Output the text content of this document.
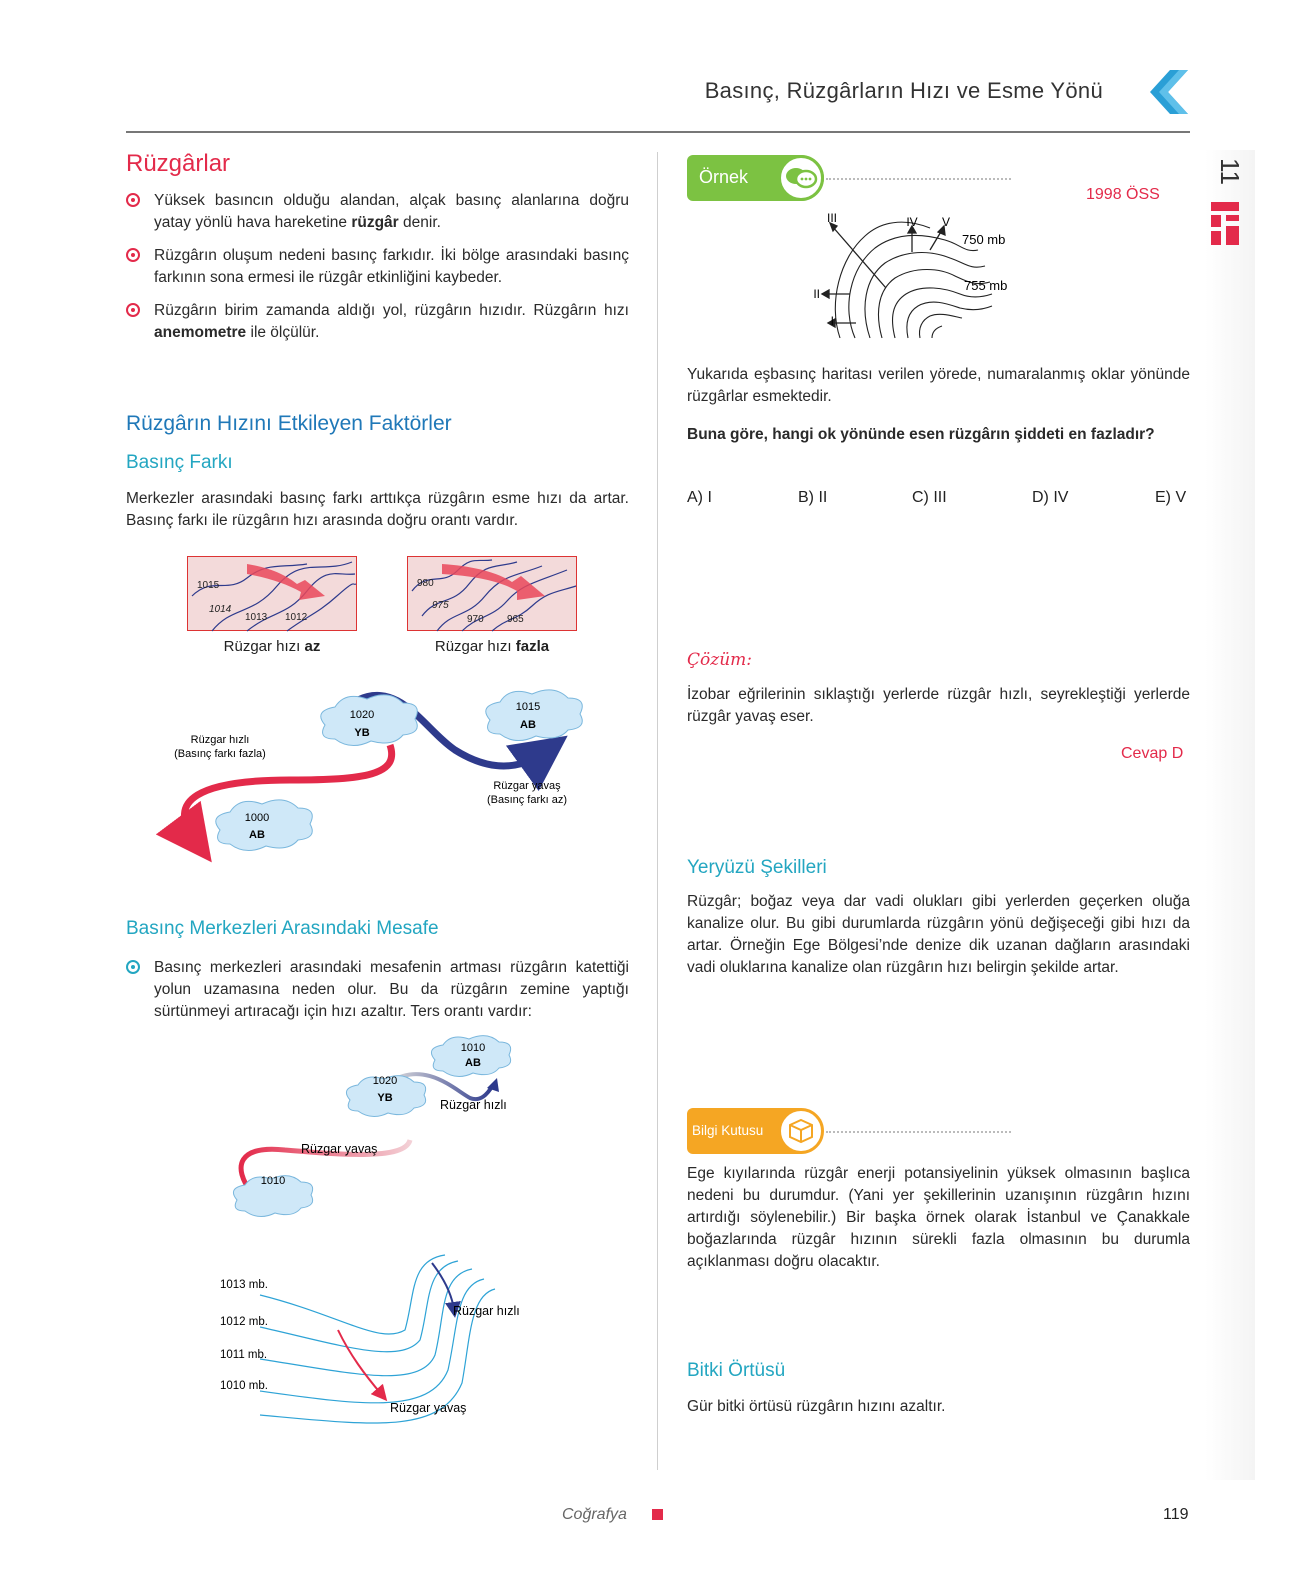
Basınç, Rüzgârların Hızı ve Esme Yönü
11
Rüzgârlar
Yüksek basıncın olduğu alandan, alçak basınç alanlarına doğru yatay yönlü hava hareketine rüzgâr denir.
Rüzgârın oluşum nedeni basınç farkıdır. İki bölge arasındaki basınç farkının sona ermesi ile rüzgâr etkinliğini kaybeder.
Rüzgârın birim zamanda aldığı yol, rüzgârın hızıdır. Rüzgârın hızı anemometre ile ölçülür.
Rüzgârın Hızını Etkileyen Faktörler
Basınç Farkı
Merkezler arasındaki basınç farkı arttıkça rüzgârın esme hızı da artar. Basınç farkı ile rüzgârın hızı arasında doğru orantı vardır.
1015
1014
1013 1012
Rüzgar hızı az
980
975
970 965
Rüzgar hızı fazla
1020
YB
1015
AB
1000
AB
Rüzgar hızlı
(Basınç farkı fazla)
Rüzgar yavaş
(Basınç farkı az)
Basınç Merkezleri Arasındaki Mesafe
Basınç merkezleri arasındaki mesafenin artması rüzgârın katettiği yolun uzamasına neden olur. Bu da rüzgârın zemine yaptığı sürtünmeyi artıracağı için hızı azaltır. Ters orantı vardır:
1010
AB
1020
YB
1010
Rüzgar hızlı
Rüzgar yavaş
1013 mb.
1012 mb.
1011 mb.
1010 mb.
Rüzgar hızlı
Rüzgar yavaş
Örnek
1998 ÖSS
I
II
III	IV V
750 mb
755 mb
Yukarıda eşbasınç haritası verilen yörede, numaralanmış oklar yönünde rüzgârlar esmektedir.
Buna göre, hangi ok yönünde esen rüzgârın şiddeti en fazladır?
A) I	B) II	C) III	D) IV	E) V
Çözüm:
İzobar eğrilerinin sıklaştığı yerlerde rüzgâr hızlı, seyrekleştiği yerlerde rüzgâr yavaş eser.
Cevap D
Yeryüzü Şekilleri
Rüzgâr; boğaz veya dar vadi olukları gibi yerlerden geçerken oluğa kanalize olur. Bu gibi durumlarda rüzgârın yönü değişeceği gibi hızı da artar. Örneğin Ege Bölgesi’nde denize dik uzanan dağların arasındaki vadi oluklarına kanalize olan rüzgârın hızı belirgin şekilde artar.
Bilgi Kutusu
Ege kıyılarında rüzgâr enerji potansiyelinin yüksek olmasının başlıca nedeni bu durumdur. (Yani yer şekillerinin uzanışının rüzgârın hızını artırdığı söylenebilir.) Bir başka örnek olarak İstanbul ve Çanakkale boğazlarında rüzgâr hızının sürekli fazla olmasının bu durumla açıklanması doğru olacaktır.
Bitki Örtüsü
Gür bitki örtüsü rüzgârın hızını azaltır.
Coğrafya	119
